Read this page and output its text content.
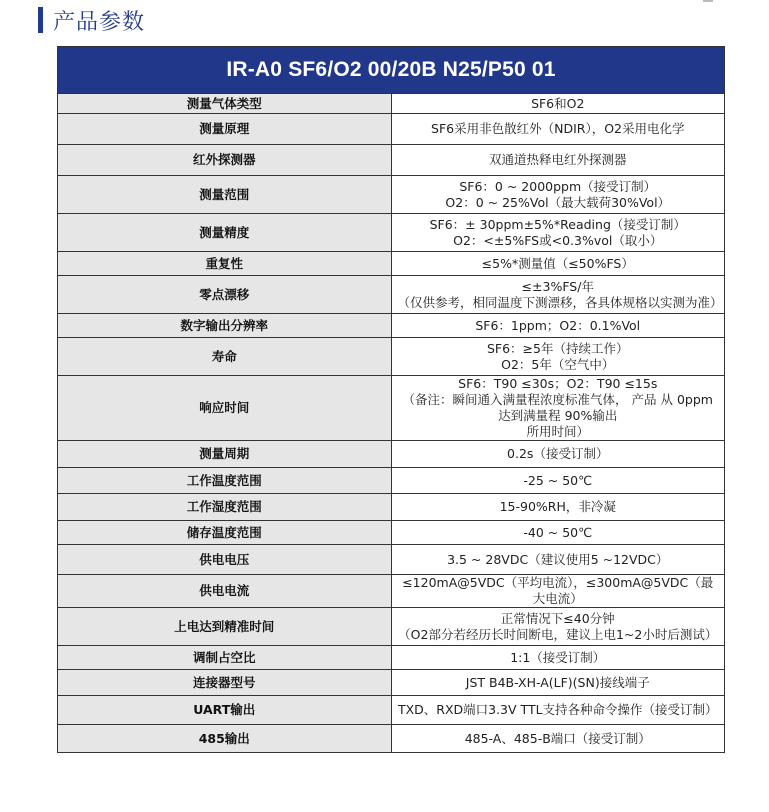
产品参数
IR-A0 SF6/O2 00/20B N25/P50 01	
测量气体类型	SF6和O2

测量原理	SF6采用非色散红外（NDIR），O2采用电化学

红外探测器	双通道热释电红外探测器

测量范围	SF6：0 ~ 2000ppm（接受订制）
O2：0 ~ 25%Vol（最大载荷30%Vol）

测量精度	SF6：± 30ppm±5%*Reading（接受订制）
O2：<±5%FS或<0.3%vol（取小）

重复性	≤5%*测量值（≤50%FS）

零点漂移	≤±3%FS/年
（仅供参考，相同温度下测漂移，各具体规格以实测为准）

数字输出分辨率	SF6：1ppm；O2：0.1%Vol

寿命	SF6：≥5年（持续工作）
O2：5年（空气中）

响应时间	SF6：T90 ≤30s；O2：T90 ≤15s
（备注：瞬间通入满量程浓度标准气体， 产品 从 0ppm达到满量程 90%输出
所用时间）

测量周期	0.2s（接受订制）

工作温度范围	-25 ~ 50℃

工作湿度范围	15-90%RH，非冷凝

储存温度范围	-40 ~ 50℃

供电电压	3.5 ~ 28VDC（建议使用5 ~12VDC）

供电电流	≤120mA@5VDC（平均电流），≤300mA@5VDC（最大电流）

上电达到精准时间	正常情况下≤40分钟
（O2部分若经历长时间断电，建议上电1~2小时后测试）

调制占空比	1:1（接受订制）

连接器型号	JST B4B-XH-A(LF)(SN)接线端子

UART输出	TXD、RXD端口3.3V TTL支持各种命令操作（接受订制）

485输出	485-A、485-B端口（接受订制）
